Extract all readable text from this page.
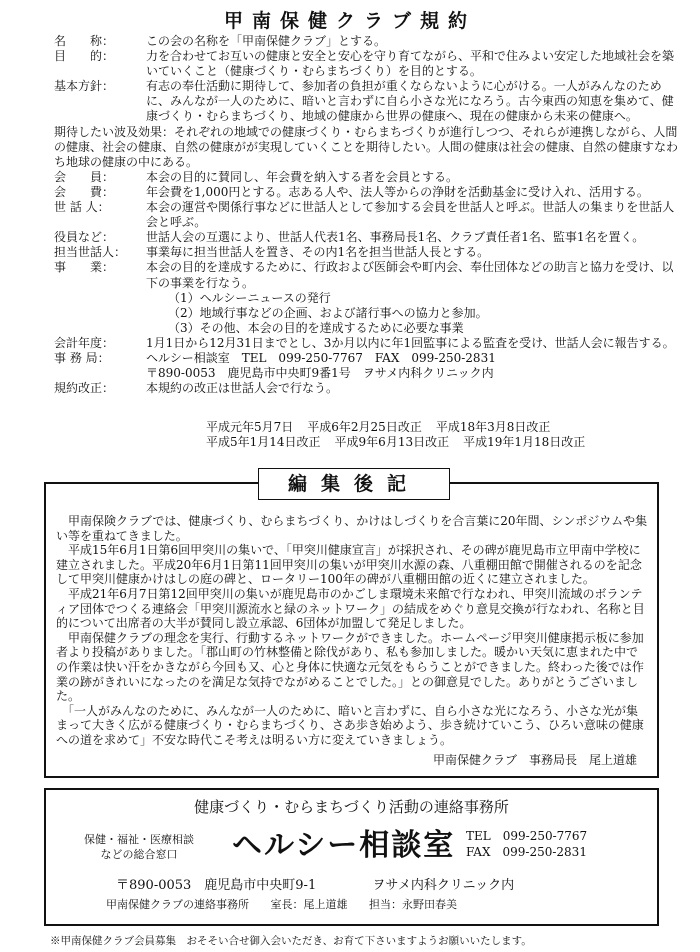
甲南保健クラブ規約
名　　称：	この会の名称を「甲南保健クラブ」とする。
目　　的：	力を合わせてお互いの健康と安全と安心を守り育てながら、平和で住みよい安定した地域社会を築いていくこと（健康づくり・むらまちづくり）を目的とする。
基本方針：	有志の奉仕活動に期待して、参加者の負担が重くならないように心がける。一人がみんなのために、みんなが一人のために、暗いと言わずに自ら小さな光になろう。古今東西の知恵を集めて、健康づくり・むらまちづくり、地域の健康から世界の健康へ、現在の健康から未来の健康へ。
期待したい波及効果：それぞれの地域での健康づくり・むらまちづくりが進行しつつ、それらが連携しながら、人間の健康、社会の健康、自然の健康がが実現していくことを期待したい。人間の健康は社会の健康、自然の健康すなわち地球の健康の中にある。
会　　員：	本会の目的に賛同し、年会費を納入する者を会員とする。
会　　費：	年会費を1,000円とする。志ある人や、法人等からの浄財を活動基金に受け入れ、活用する。
世 話 人：	本会の運営や関係行事などに世話人として参加する会員を世話人と呼ぶ。世話人の集まりを世話人会と呼ぶ。
役員など：	世話人会の互選により、世話人代表1名、事務局長1名、クラブ責任者1名、監事1名を置く。
担当世話人：	事業毎に担当世話人を置き、その内1名を担当世話人長とする。
事　　業：	本会の目的を達成するために、行政および医師会や町内会、奉仕団体などの助言と協力を受け、以下の事業を行なう。
（1）ヘルシーニュースの発行
（2）地域行事などの企画、および諸行事への協力と参加。
（3）その他、本会の目的を達成するために必要な事業
会計年度：	1月1日から12月31日までとし、3か月以内に年1回監事による監査を受け、世話人会に報告する。
事 務 局：	ヘルシー相談室　TEL　099-250-7767　FAX　099-250-2831
〒890-0053　鹿児島市中央町9番1号　ヲサメ内科クリニック内
規約改正：	本規約の改正は世話人会で行なう。
平成元年5月7日 平成6年2月25日改正 平成18年3月8日改正
平成5年1月14日改正 平成9年6月13日改正 平成19年1月18日改正
編集後記

　甲南保険クラブでは、健康づくり、むらまちづくり、かけはしづくりを合言葉に20年間、シンポジウムや集い等を重ねてきました。

　平成15年6月1日第6回甲突川の集いで、「甲突川健康宣言」が採択され、その碑が鹿児島市立甲南中学校に建立されました。平成20年6月1日第11回甲突川の集いが甲突川水源の森、八重棚田館で開催されるのを記念して甲突川健康かけはしの庭の碑と、ロータリー100年の碑が八重棚田館の近くに建立されました。

　平成21年6月7日第12回甲突川の集いが鹿児島市のかごしま環境未来館で行なわれ、甲突川流域のボランティア団体でつくる連絡会「甲突川源流水と緑のネットワーク」の結成をめぐり意見交換が行なわれ、名称と目的について出席者の大半が賛同し設立承認、6団体が加盟して発足しました。

　甲南保健クラブの理念を実行、行動するネットワークができました。ホームページ甲突川健康掲示板に参加者より投稿がありました。「郡山町の竹林整備と除伐があり、私も参加しました。暖かい天気に恵まれた中での作業は快い汗をかきながら今回も又、心と身体に快適な元気をもらうことができました。終わった後では作業の跡がきれいになったのを満足な気持でながめることでした。」との御意見でした。ありがとうございました。

　「一人がみんなのために、みんなが一人のために、暗いと言わずに、自ら小さな光になろう、小さな光が集まって大きく広がる健康づくり・むらまちづくり、さあ歩き始めよう、歩き続けていこう、ひろい意味の健康への道を求めて」不安な時代こそ考えは明るい方に変えていきましょう。

甲南保健クラブ　事務局長　尾上道雄
健康づくり・むらまちづくり活動の連絡事務所
保健・福祉・医療相談
などの総合窓口	ヘルシー相談室 TEL　099-250-7767
FAX　099-250-2831
〒890-0053　鹿児島市中央町9-1	ヲサメ内科クリニック内
甲南保健クラブの連絡事務所 室長：尾上道雄 担当：永野田春美
※甲南保健クラブ会員募集　おそそい合せ御入会いただき、お育て下さいますようお願いいたします。
